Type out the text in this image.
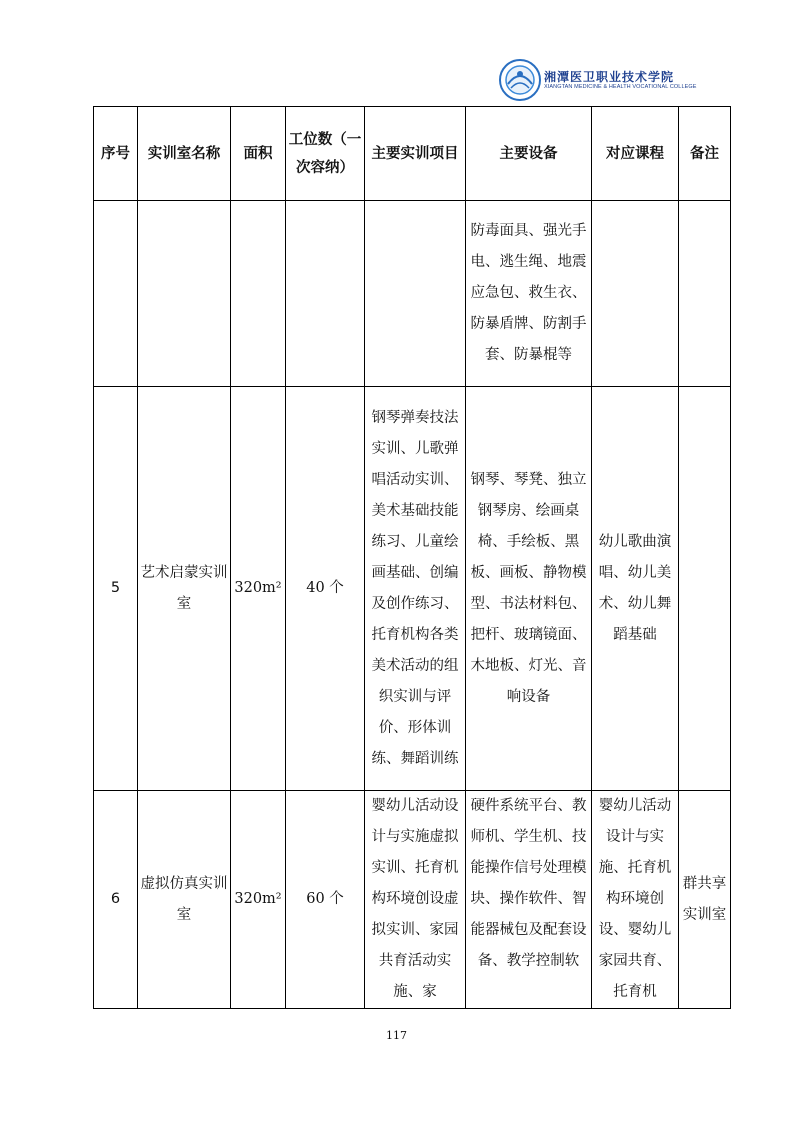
湘潭医卫职业技术学院
XIANGTAN MEDICINE & HEALTH VOCATIONAL COLLEGE
序号	实训室名称	面积	工位数（一次容纳）	主要实训项目	主要设备	对应课程	备注
					防毒面具、强光手电、逃生绳、地震应急包、救生衣、防暴盾牌、防割手套、防暴棍等		
5	艺术启蒙实训室	320m²	40 个	钢琴弹奏技法实训、儿歌弹唱活动实训、美术基础技能练习、儿童绘画基础、创编及创作练习、托育机构各类美术活动的组织实训与评价、形体训练、舞蹈训练	钢琴、琴凳、独立钢琴房、绘画桌椅、手绘板、黑板、画板、静物模型、书法材料包、把杆、玻璃镜面、木地板、灯光、音响设备	幼儿歌曲演唱、幼儿美术、幼儿舞蹈基础	
6	虚拟仿真实训室	320m²	60 个	婴幼儿活动设计与实施虚拟实训、托育机构环境创设虚拟实训、家园共育活动实施、家	硬件系统平台、教师机、学生机、技能操作信号处理模块、操作软件、智能器械包及配套设备、教学控制软	婴幼儿活动设计与实施、托育机构环境创设、婴幼儿家园共育、托育机	群共享实训室
117
